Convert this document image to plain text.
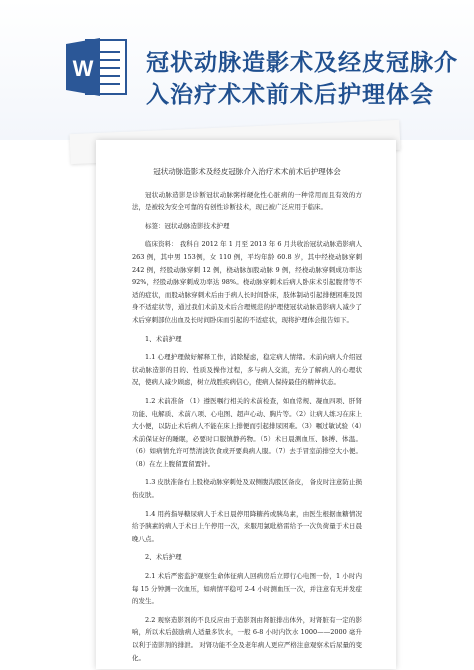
W 冠状动脉造影术及经皮冠脉介
入治疗术术前术后护理体会
冠状动脉造影术及经皮冠脉介入治疗术术前术后护理体会

冠状动脉造影是诊断冠状动脉粥样硬化性心脏病的一种常用而且有效的方法，是被较为安全可靠的有创性诊断技术，现已被广泛应用于临床。

标签：冠状动脉造影技术护理

临床资料： 我科自 2012 年 1 月至 2013 年 6 月共收治冠状动脉造影病人263 例，其中男 153例，女 110 例，平均年龄 60.8 岁，其中经桡动脉穿刺 242 例，经股动脉穿刺 12 例，桡动脉加股动脉 9 例，经桡动脉穿刺成功率达92%，经股动脉穿刺成功率达 98%。桡动脉穿刺术后病人卧床术引起腹背等不适的症状，而股动脉穿刺术后由于病人长时间卧床，肢体制动引起排便困难及因身不适症状等，通过我们术前及术后合理规范的护理使冠状动脉造影病人减少了术后穿刺部位出血及长时间卧床而引起的不适症状，现将护理体会报告如下。

1、术前护理

1.1 心理护理做好解释工作，消除疑虑，稳定病人情绪。术前向病人介绍冠状动脉造影的目的、性质及操作过程，多与病人交流，充分了解病人的心理状况，使病人减少顾虑，树立战胜疾病信心，使病人保持最佳的精神状态。

1.2 术前准备 （1）遵医嘱行相关的术前检查，如血常规、凝血四项、肝肾功能、电解质、术前八项、心电图、超声心动、胸片等。（2）让病人练习在床上大小便，以防止术后病人不能在床上排便而引起排尿困难。（3）嘱过敏试验（4）术前保证好的睡眠，必要时口服镇静药物。（5）术日晨测血压、脉搏、体温。（6）如病情允许可禁清淡饮食或开要典病人服。（7）去手冒室前排空大小便。（8）在左上腹留置留置针。

1.3 皮肤准备右上股桡动脉穿刺处及双侧腹沟股区备皮， 备皮时注意防止损伤皮肤。

1.4 用药指导糖尿病人于术日晨停用降糖药或胰岛素，由医生根据血糖情况给予胰素的病人于术日上午停用一次，来服用氯吡格雷给予一次负荷量于术日晨晚八点。

2、术后护理

2.1 术后严密监护观察生命体征病人回病房后立即行心电图一份，1 小时内每 15 分钟测一次血压，如病情平稳可 2-4 小时测血压一次，并注意有无并发症的发生。

2.2 观察造影剂的不良反应由于造影剂由肾脏排出体外，对肾脏有一定的影响，所以术后鼓励病人适量多饮水，一般 6-8 小时内饮水 1000——2000 毫升以利于造影剂的排泄。 对肾功能不全及老年病人更应严格注意观察术后尿量的变化。
